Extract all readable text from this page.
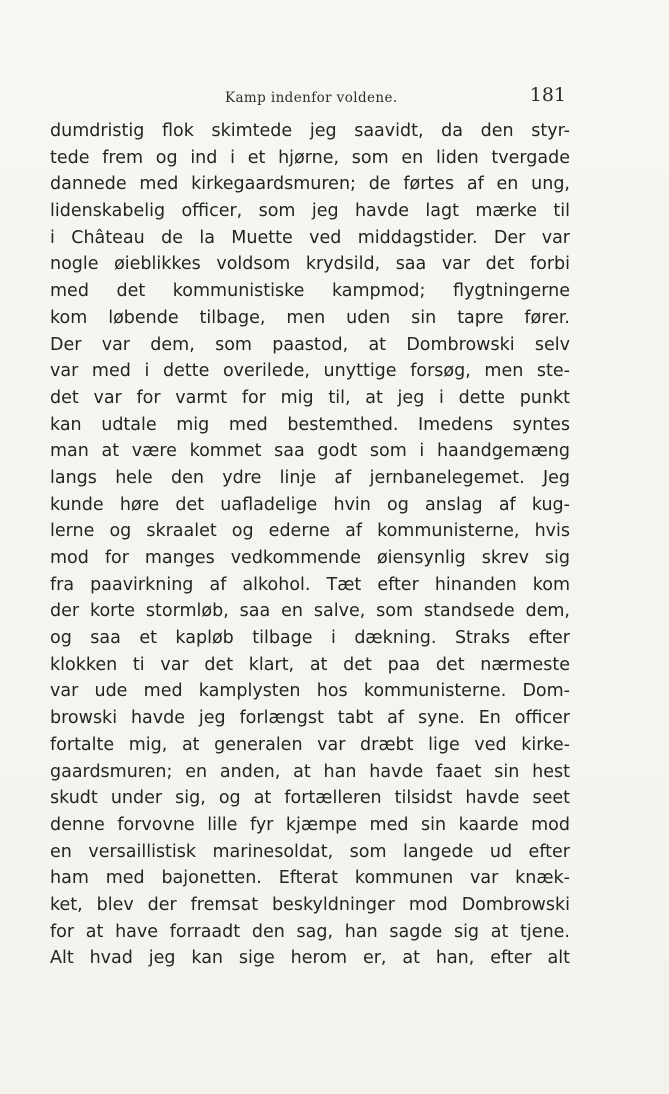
Kamp indenfor voldene.	181
dumdristig flok skimtede jeg saavidt, da den styr-
tede frem og ind i et hjørne, som en liden tvergade
dannede med kirkegaardsmuren; de førtes af en ung,
lidenskabelig officer, som jeg havde lagt mærke til
i Château de la Muette ved middagstider. Der var
nogle øieblikkes voldsom krydsild, saa var det forbi
med det kommunistiske kampmod; flygtningerne
kom løbende tilbage, men uden sin tapre fører.
Der var dem, som paastod, at Dombrowski selv
var med i dette overilede, unyttige forsøg, men ste-
det var for varmt for mig til, at jeg i dette punkt
kan udtale mig med bestemthed. Imedens syntes
man at være kommet saa godt som i haandgemæng
langs hele den ydre linje af jernbanelegemet. Jeg
kunde høre det uafladelige hvin og anslag af kug-
lerne og skraalet og ederne af kommunisterne, hvis
mod for manges vedkommende øiensynlig skrev sig
fra paavirkning af alkohol. Tæt efter hinanden kom
der korte stormløb, saa en salve, som standsede dem,
og saa et kapløb tilbage i dækning. Straks efter
klokken ti var det klart, at det paa det nærmeste
var ude med kamplysten hos kommunisterne. Dom-
browski havde jeg forlængst tabt af syne. En officer
fortalte mig, at generalen var dræbt lige ved kirke-
gaardsmuren; en anden, at han havde faaet sin hest
skudt under sig, og at fortælleren tilsidst havde seet
denne forvovne lille fyr kjæmpe med sin kaarde mod
en versaillistisk marinesoldat, som langede ud efter
ham med bajonetten. Efterat kommunen var knæk-
ket, blev der fremsat beskyldninger mod Dombrowski
for at have forraadt den sag, han sagde sig at tjene.
Alt hvad jeg kan sige herom er, at han, efter alt
